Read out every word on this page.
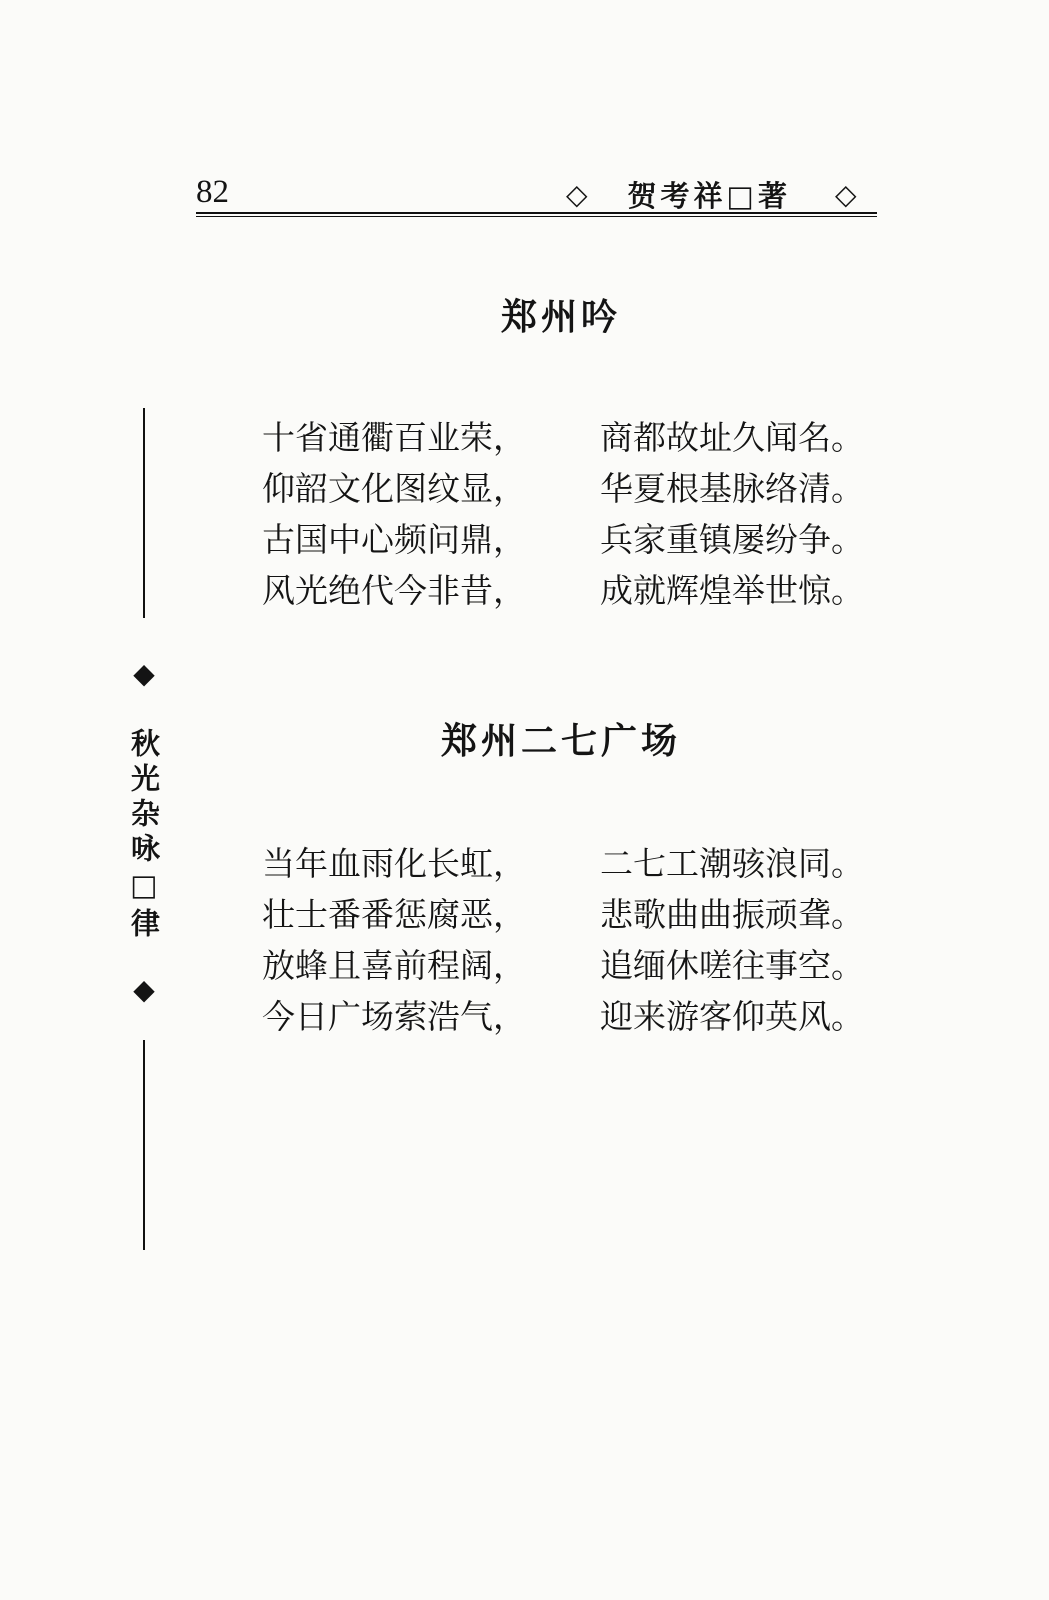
82	◇ 贺考祥□著 ◇
◆
秋光杂咏□律
◆
郑州吟
十省通衢百业荣，	商都故址久闻名。
仰韶文化图纹显，	华夏根基脉络清。
古国中心频问鼎，	兵家重镇屡纷争。
风光绝代今非昔，	成就辉煌举世惊。
郑州二七广场
当年血雨化长虹，	二七工潮骇浪同。
壮士番番惩腐恶，	悲歌曲曲振顽聋。
放蜂且喜前程阔，	追缅休嗟往事空。
今日广场萦浩气，	迎来游客仰英风。
